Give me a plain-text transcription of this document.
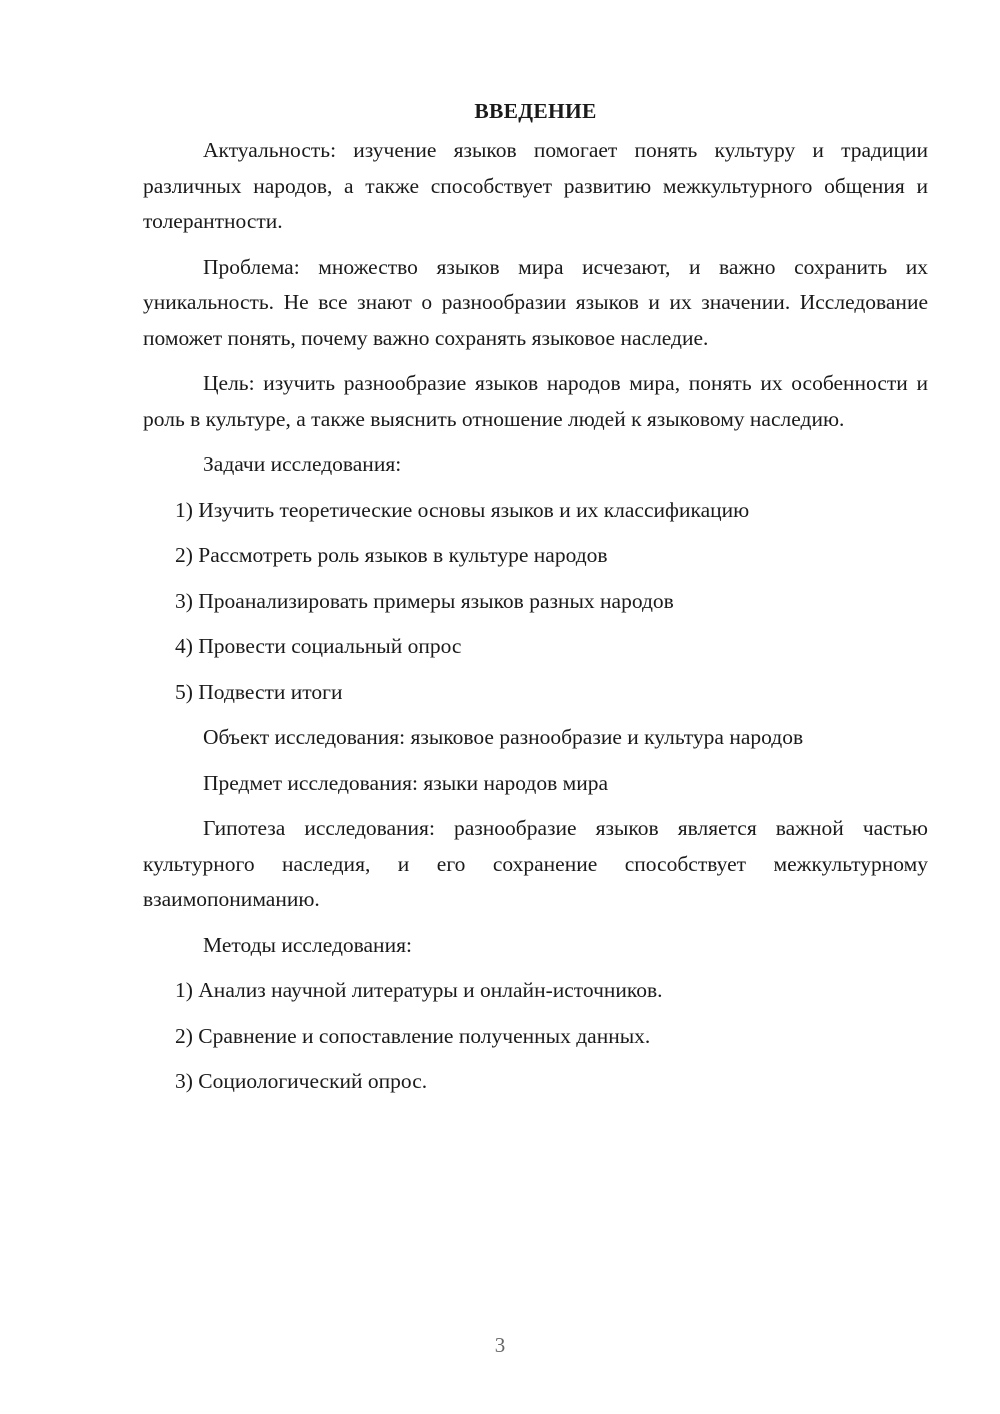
ВВЕДЕНИЕ

Актуальность: изучение языков помогает понять культуру и традиции различных народов, а также способствует развитию межкультурного общения и толерантности.

Проблема: множество языков мира исчезают, и важно сохранить их уникальность. Не все знают о разнообразии языков и их значении. Исследование поможет понять, почему важно сохранять языковое наследие.

Цель: изучить разнообразие языков народов мира, понять их особенности и роль в культуре, а также выяснить отношение людей к языковому наследию.

Задачи исследования:

1) Изучить теоретические основы языков и их классификацию

2) Рассмотреть роль языков в культуре народов

3) Проанализировать примеры языков разных народов

4) Провести социальный опрос

5) Подвести итоги

Объект исследования: языковое разнообразие и культура народов

Предмет исследования: языки народов мира

Гипотеза исследования: разнообразие языков является важной частью культурного наследия, и его сохранение способствует межкультурному взаимопониманию.

Методы исследования:

1) Анализ научной литературы и онлайн-источников.

2) Сравнение и сопоставление полученных данных.

3) Социологический опрос.

3
